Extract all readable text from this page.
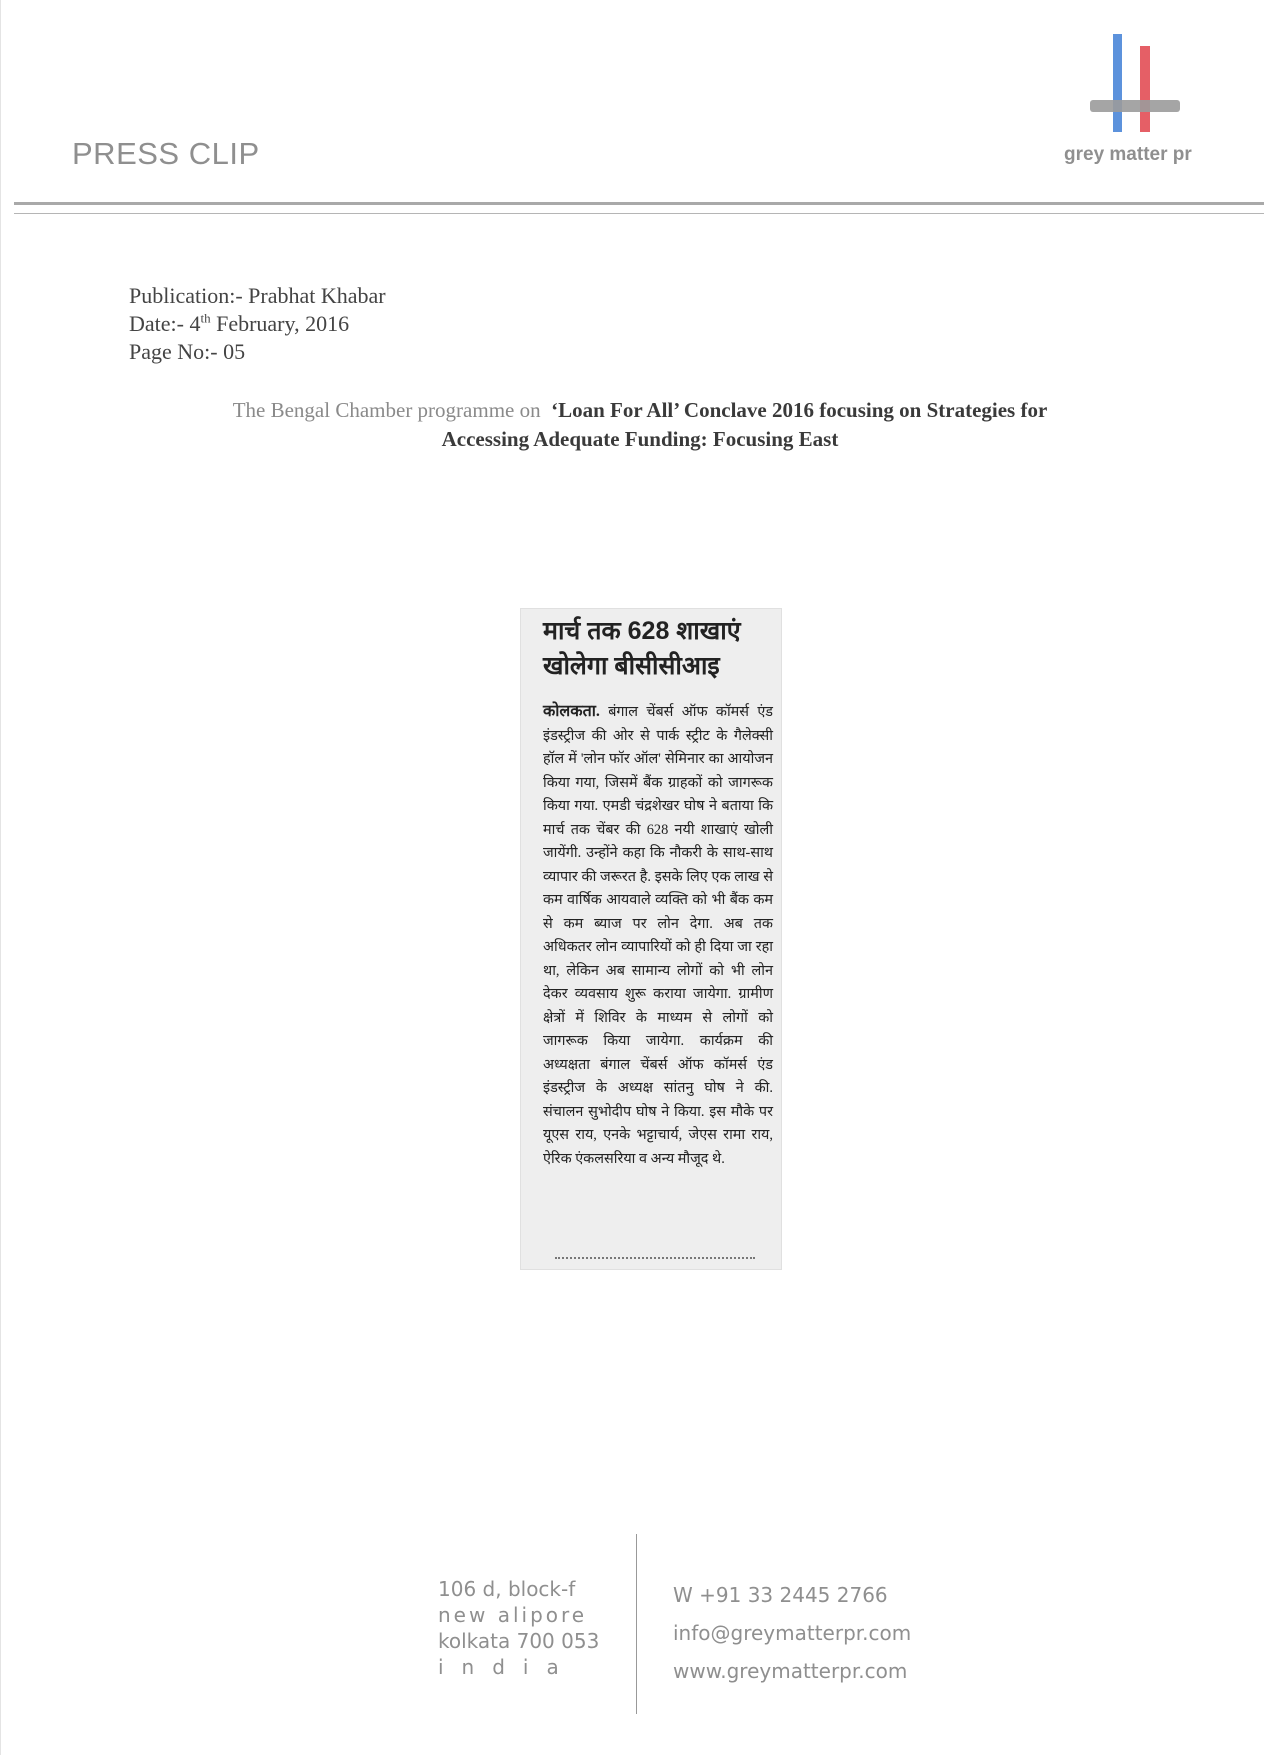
PRESS CLIP	grey matter pr
Publication:- Prabhat Khabar
Date:- 4th February, 2016
Page No:- 05
The Bengal Chamber programme on ‘Loan For All’ Conclave 2016 focusing on Strategies for
Accessing Adequate Funding: Focusing East
मार्च तक 628 शाखाएं खोलेगा बीसीसीआइ
कोलकता. बंगाल चेंबर्स ऑफ कॉमर्स एंड इंडस्ट्रीज की ओर से पार्क स्ट्रीट के गैलेक्सी हॉल में 'लोन फॉर ऑल' सेमिनार का आयोजन किया गया, जिसमें बैंक ग्राहकों को जागरूक किया गया. एमडी चंद्रशेखर घोष ने बताया कि मार्च तक चेंबर की 628 नयी शाखाएं खोली जायेंगी. उन्होंने कहा कि नौकरी के साथ-साथ व्यापार की जरूरत है. इसके लिए एक लाख से कम वार्षिक आयवाले व्यक्ति को भी बैंक कम से कम ब्याज पर लोन देगा. अब तक अधिकतर लोन व्यापारियों को ही दिया जा रहा था, लेकिन अब सामान्य लोगों को भी लोन देकर व्यवसाय शुरू कराया जायेगा. ग्रामीण क्षेत्रों में शिविर के माध्यम से लोगों को जागरूक किया जायेगा. कार्यक्रम की अध्यक्षता बंगाल चेंबर्स ऑफ कॉमर्स एंड इंडस्ट्रीज के अध्यक्ष सांतनु घोष ने की. संचालन सुभोदीप घोष ने किया. इस मौके पर यूएस राय, एनके भट्टाचार्य, जेएस रामा राय, ऐरिक एंकलसरिया व अन्य मौजूद थे.
106 d, block-f
new alipore
kolkata 700 053
india
W +91 33 2445 2766
info@greymatterpr.com
www.greymatterpr.com
